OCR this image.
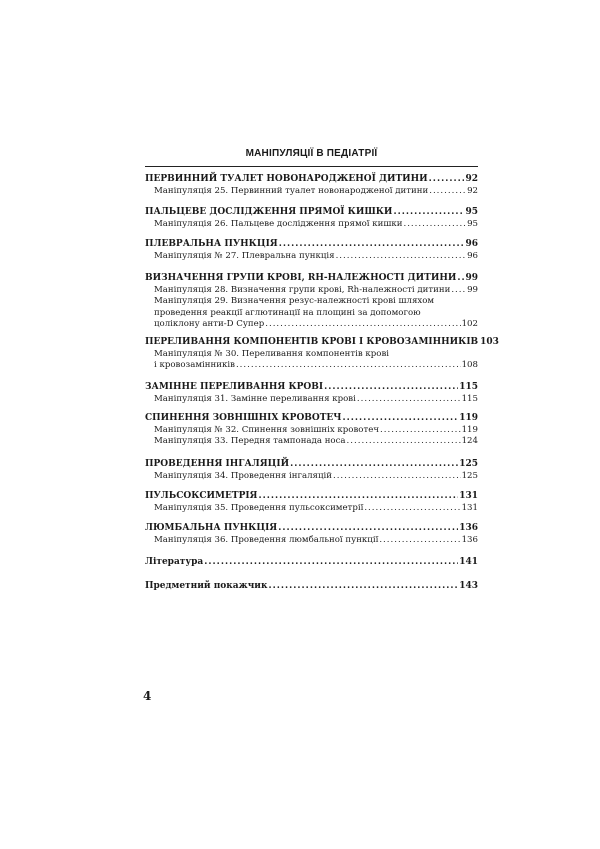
МАНІПУЛЯЦІЇ В ПЕДІАТРІЇ
ПЕРВИННИЙ ТУАЛЕТ НОВОНАРОДЖЕНОЇ ДИТИНИ .....	92
Маніпуляція 25. Первинний туалет новонародженої дитини .....	92
ПАЛЬЦЕВЕ ДОСЛІДЖЕННЯ ПРЯМОЇ КИШКИ .....	95
Маніпуляція 26. Пальцеве дослідження прямої кишки .....	95
ПЛЕВРАЛЬНА ПУНКЦІЯ .....	96
Маніпуляція № 27. Плевральна пункція .....	96
ВИЗНАЧЕННЯ ГРУПИ КРОВІ, RH-НАЛЕЖНОСТІ ДИТИНИ ..... 99
Маніпуляція 28. Визначення групи крові, Rh-належності дитини ..... 99
Маніпуляція 29. Визначення резус-належності крові шляхом
проведення реакції аглютинації на площині за допомогою
цоліклону анти-D Супер .....	102
ПЕРЕЛИВАННЯ КОМПОНЕНТІВ КРОВІ І КРОВОЗАМІННИКІВ 103
Маніпуляція № 30. Переливання компонентів крові
і кровозамінників .....	108
ЗАМІННЕ ПЕРЕЛИВАННЯ КРОВІ .....	115
Маніпуляція 31. Замінне переливання крові .....	115
СПИНЕННЯ ЗОВНІШНІХ КРОВОТЕЧ .....	119
Маніпуляція № 32. Спинення зовнішніх кровотеч .....	119
Маніпуляція 33. Передня тампонада носа .....	124
ПРОВЕДЕННЯ ІНГАЛЯЦІЙ .....	125
Маніпуляція 34. Проведення інгаляцій .....	125
ПУЛЬСОКСИМЕТРІЯ .....	131
Маніпуляція 35. Проведення пульсоксиметрії .....	131
ЛЮМБАЛЬНА ПУНКЦІЯ .....	136
Маніпуляція 36. Проведення люмбальної пункції .....	136
Література .....	141
Предметний покажчик .....	143
4
